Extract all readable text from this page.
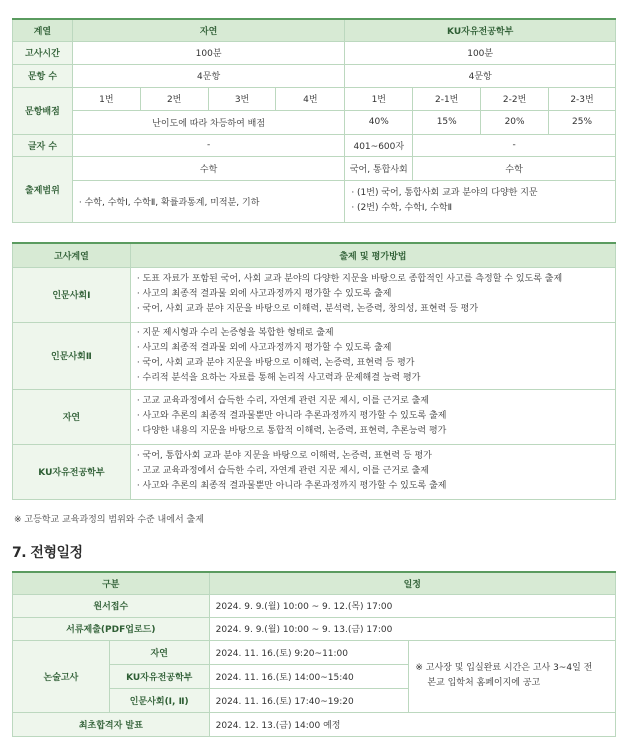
계열	자연				KU자유전공학부			
고사시간	100분				100분			
문항 수	4문항				4문항			
문항배점	1번	2번	3번	4번	1번	2-1번	2-2번	2-3번
	난이도에 따라 차등하여 배점				40%	15%	20%	25%
글자 수	-				401~600자	-		
출제범위	수학				국어, 통합사회	수학		
	· 수학, 수학Ⅰ, 수학Ⅱ, 확률과통계, 미적분, 기하				· (1번) 국어, 통합사회 교과 분야의 다양한 지문
· (2번) 수학, 수학Ⅰ, 수학Ⅱ			
고사계열	출제 및 평가방법
인문사회Ⅰ	· 도표 자료가 포함된 국어, 사회 교과 분야의 다양한 지문을 바탕으로 종합적인 사고를 측정할 수 있도록 출제
· 사고의 최종적 결과물 외에 사고과정까지 평가할 수 있도록 출제
· 국어, 사회 교과 분야 지문을 바탕으로 이해력, 분석력, 논증력, 창의성, 표현력 등 평가

인문사회Ⅱ	· 지문 제시형과 수리 논증형을 복합한 형태로 출제
· 사고의 최종적 결과물 외에 사고과정까지 평가할 수 있도록 출제
· 국어, 사회 교과 분야 지문을 바탕으로 이해력, 논증력, 표현력 등 평가
· 수리적 분석을 요하는 자료를 통해 논리적 사고력과 문제해결 능력 평가

자연	· 고교 교육과정에서 습득한 수리, 자연계 관련 지문 제시, 이를 근거로 출제
· 사고와 추론의 최종적 결과물뿐만 아니라 추론과정까지 평가할 수 있도록 출제
· 다양한 내용의 지문을 바탕으로 통합적 이해력, 논증력, 표현력, 추론능력 평가

KU자유전공학부	· 국어, 통합사회 교과 분야 지문을 바탕으로 이해력, 논증력, 표현력 등 평가
· 고교 교육과정에서 습득한 수리, 자연계 관련 지문 제시, 이를 근거로 출제
· 사고와 추론의 최종적 결과물뿐만 아니라 추론과정까지 평가할 수 있도록 출제
※ 고등학교 교육과정의 범위와 수준 내에서 출제
7. 전형일정
구분		일정	
원서접수		2024. 9. 9.(월) 10:00 ~ 9. 12.(목) 17:00	
서류제출(PDF업로드)		2024. 9. 9.(월) 10:00 ~ 9. 13.(금) 17:00	
논술고사	자연	2024. 11. 16.(토) 9:20~11:00	※ 고사장 및 입실완료 시간은 고사 3~4일 전
본교 입학처 홈페이지에 공고

	KU자유전공학부	2024. 11. 16.(토) 14:00~15:40	
	인문사회(Ⅰ, Ⅱ)	2024. 11. 16.(토) 17:40~19:20	
최초합격자 발표		2024. 12. 13.(금) 14:00 예정	
